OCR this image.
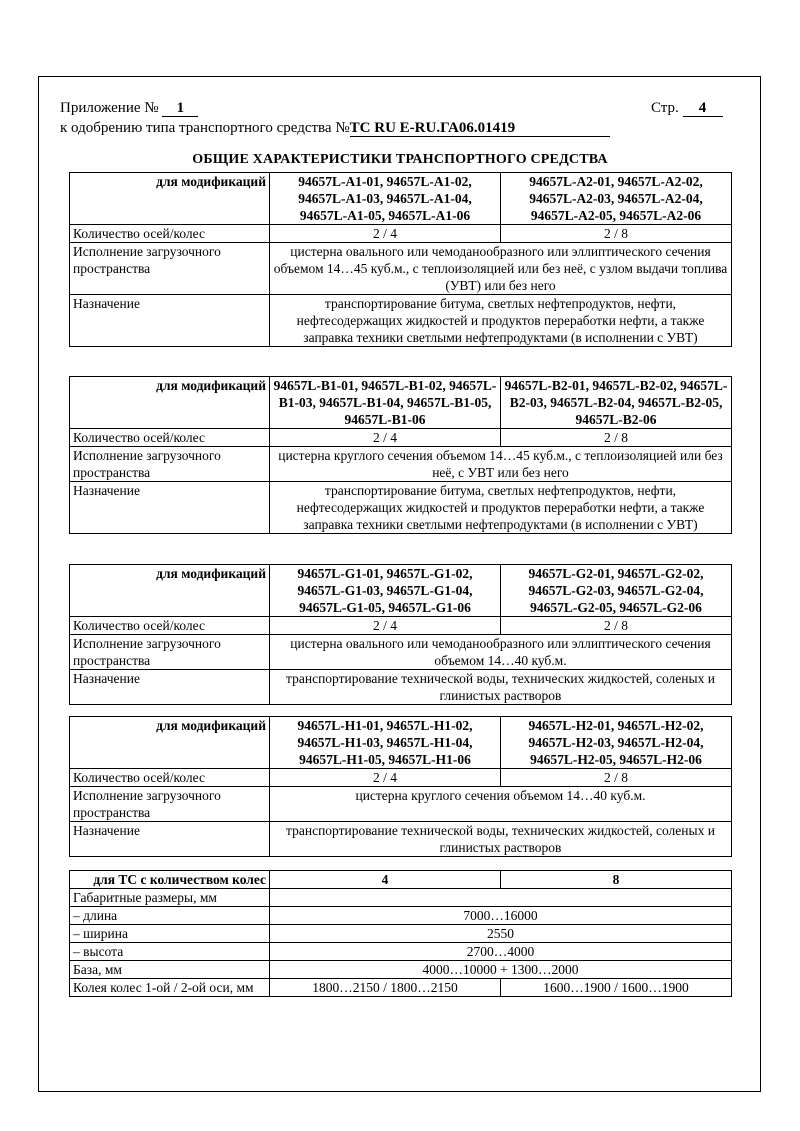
Приложение № 1	Стр. 4
к одобрению типа транспортного средства №TC RU E-RU.ГА06.01419
ОБЩИЕ ХАРАКТЕРИСТИКИ ТРАНСПОРТНОГО СРЕДСТВА
для модификаций	94657L-A1-01, 94657L-A1-02, 94657L-A1-03, 94657L-A1-04, 94657L-A1-05, 94657L-A1-06	94657L-A2-01, 94657L-A2-02, 94657L-A2-03, 94657L-A2-04, 94657L-A2-05, 94657L-A2-06
Количество осей/колес	2 / 4	2 / 8
Исполнение загрузочного пространства	цистерна овального или чемоданообразного или эллиптического сечения объемом 14…45 куб.м., с теплоизоляцией или без неё, с узлом выдачи топлива (УВТ) или без него	
Назначение	транспортирование битума, светлых нефтепродуктов, нефти, нефтесодержащих жидкостей и продуктов переработки нефти, а также заправка техники светлыми нефтепродуктами (в исполнении с УВТ)	
для модификаций	94657L-B1-01, 94657L-B1-02, 94657L-B1-03, 94657L-B1-04, 94657L-B1-05, 94657L-B1-06	94657L-B2-01, 94657L-B2-02, 94657L-B2-03, 94657L-B2-04, 94657L-B2-05, 94657L-B2-06
Количество осей/колес	2 / 4	2 / 8
Исполнение загрузочного пространства	цистерна круглого сечения объемом 14…45 куб.м., с теплоизоляцией или без неё, с УВТ или без него	
Назначение	транспортирование битума, светлых нефтепродуктов, нефти, нефтесодержащих жидкостей и продуктов переработки нефти, а также заправка техники светлыми нефтепродуктами (в исполнении с УВТ)	
для модификаций	94657L-G1-01, 94657L-G1-02, 94657L-G1-03, 94657L-G1-04, 94657L-G1-05, 94657L-G1-06	94657L-G2-01, 94657L-G2-02, 94657L-G2-03, 94657L-G2-04, 94657L-G2-05, 94657L-G2-06
Количество осей/колес	2 / 4	2 / 8
Исполнение загрузочного пространства	цистерна овального или чемоданообразного или эллиптического сечения объемом 14…40 куб.м.	
Назначение	транспортирование технической воды, технических жидкостей, соленых и глинистых растворов	
для модификаций	94657L-H1-01, 94657L-H1-02, 94657L-H1-03, 94657L-H1-04, 94657L-H1-05, 94657L-H1-06	94657L-H2-01, 94657L-H2-02, 94657L-H2-03, 94657L-H2-04, 94657L-H2-05, 94657L-H2-06
Количество осей/колес	2 / 4	2 / 8
Исполнение загрузочного пространства	цистерна круглого сечения объемом 14…40 куб.м.	
Назначение	транспортирование технической воды, технических жидкостей, соленых и глинистых растворов	
для ТС с количеством колес	4	8
Габаритные размеры, мм		
– длина	7000…16000	
– ширина	2550	
– высота	2700…4000	
База, мм	4000…10000 + 1300…2000	
Колея колес 1-ой / 2-ой оси, мм	1800…2150 / 1800…2150	1600…1900 / 1600…1900
